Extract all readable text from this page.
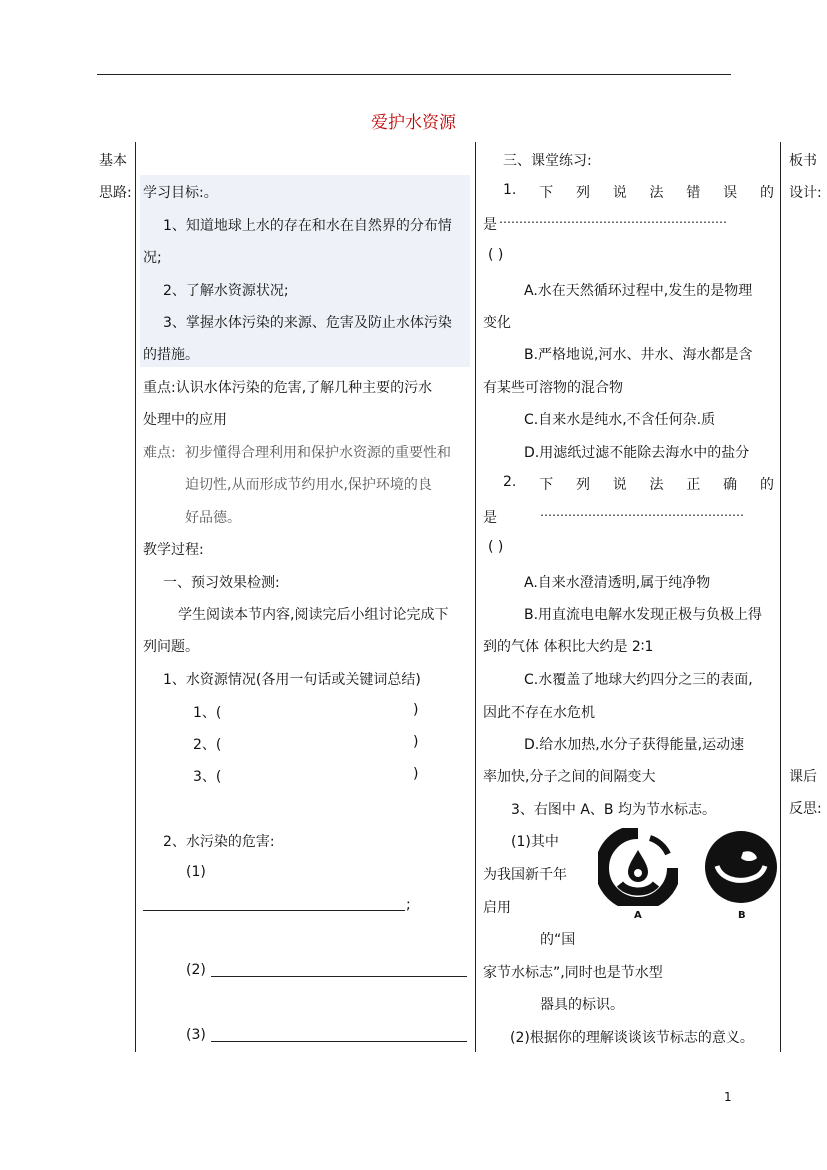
爱护水资源
基本
思路:
板书
设计:
课后
反思:
学习目标:。
1、知道地球上水的存在和水在自然界的分布情
况;
2、了解水资源状况;
3、掌握水体污染的来源、危害及防止水体污染
的措施。
重点:认识水体污染的危害,了解几种主要的污水
处理中的应用
难点: 初步懂得合理利用和保护水资源的重要性和
迫切性,从而形成节约用水,保护环境的良
好品德。
教学过程:
一、预习效果检测:
学生阅读本节内容,阅读完后小组讨论完成下
列问题。
1、水资源情况(各用一句话或关键词总结)
1、(	)
2、(	)
3、(	)
2、水污染的危害:
(1)
;
(2)
(3)
三、课堂练习:
1. 下 列 说 法 错 误 的
是 …………………………………………………
( )
A.水在天然循环过程中,发生的是物理
变化
B.严格地说,河水、井水、海水都是含
有某些可溶物的混合物
C.自来水是纯水,不含任何杂.质
D.用滤纸过滤不能除去海水中的盐分
2. 下 列 说 法 正 确 的
是	……………………………………………
( )
A.自来水澄清透明,属于纯净物
B.用直流电电解水发现正极与负极上得
到的气体 体积比大约是 2∶1
C.水覆盖了地球大约四分之三的表面,
因此不存在水危机
D.给水加热,水分子获得能量,运动速
率加快,分子之间的间隔变大
3、右图中 A、B 均为节水标志。
(1)其中
为我国新千年
启用
的“国
家节水标志”,同时也是节水型
器具的标识。
(2)根据你的理解谈谈该节标志的意义。
A	B
1
